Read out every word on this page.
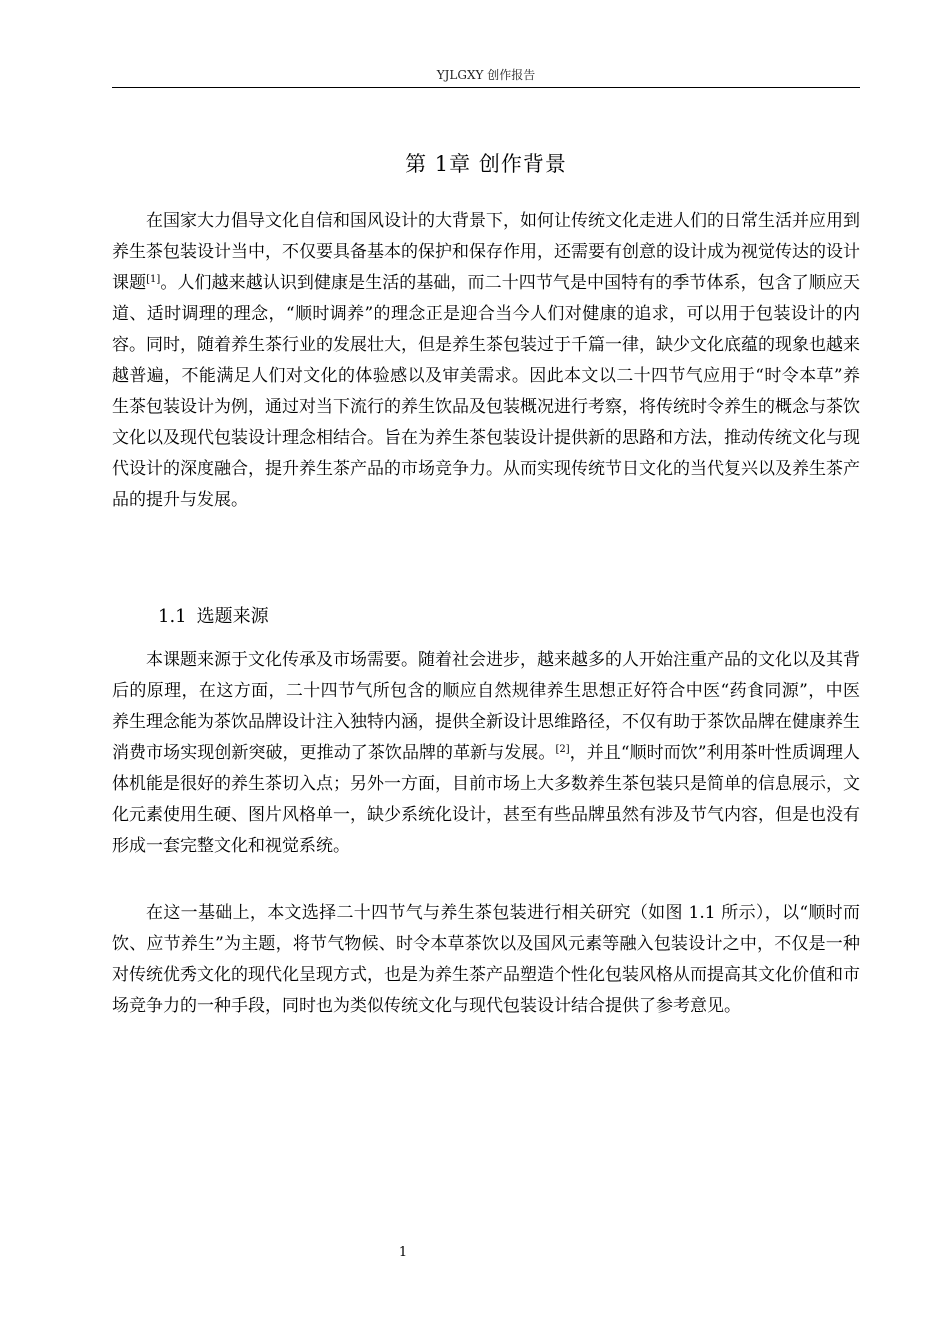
YJLGXY 创作报告
第 1章 创作背景

在国家大力倡导文化自信和国风设计的大背景下，如何让传统文化走进人们的日常生活并应用到养生茶包装设计当中，不仅要具备基本的保护和保存作用，还需要有创意的设计成为视觉传达的设计课题[1]。人们越来越认识到健康是生活的基础，而二十四节气是中国特有的季节体系，包含了顺应天道、适时调理的理念，“顺时调养”的理念正是迎合当今人们对健康的追求，可以用于包装设计的内容。同时，随着养生茶行业的发展壮大，但是养生茶包装过于千篇一律，缺少文化底蕴的现象也越来越普遍，不能满足人们对文化的体验感以及审美需求。因此本文以二十四节气应用于“时令本草”养生茶包装设计为例，通过对当下流行的养生饮品及包装概况进行考察，将传统时令养生的概念与茶饮文化以及现代包装设计理念相结合。旨在为养生茶包装设计提供新的思路和方法，推动传统文化与现代设计的深度融合，提升养生茶产品的市场竞争力。从而实现传统节日文化的当代复兴以及养生茶产品的提升与发展。

1.1 选题来源

本课题来源于文化传承及市场需要。随着社会进步，越来越多的人开始注重产品的文化以及其背后的原理，在这方面，二十四节气所包含的顺应自然规律养生思想正好符合中医“药食同源”，中医养生理念能为茶饮品牌设计注入独特内涵，提供全新设计思维路径，不仅有助于茶饮品牌在健康养生消费市场实现创新突破，更推动了茶饮品牌的革新与发展。[2]，并且“顺时而饮”利用茶叶性质调理人体机能是很好的养生茶切入点；另外一方面，目前市场上大多数养生茶包装只是简单的信息展示，文化元素使用生硬、图片风格单一，缺少系统化设计，甚至有些品牌虽然有涉及节气内容，但是也没有形成一套完整文化和视觉系统。

在这一基础上，本文选择二十四节气与养生茶包装进行相关研究（如图 1.1 所示），以“顺时而饮、应节养生”为主题，将节气物候、时令本草茶饮以及国风元素等融入包装设计之中，不仅是一种对传统优秀文化的现代化呈现方式，也是为养生茶产品塑造个性化包装风格从而提高其文化价值和市场竞争力的一种手段，同时也为类似传统文化与现代包装设计结合提供了参考意见。

1
